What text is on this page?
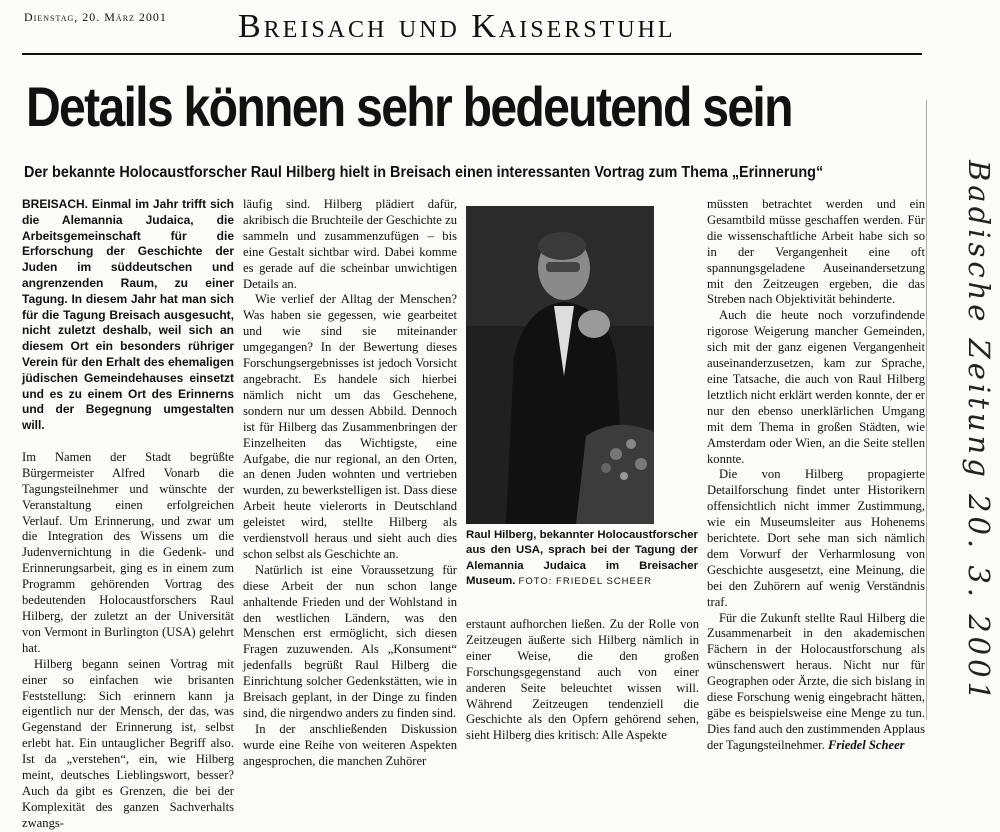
Dienstag, 20. März 2001 Breisach und Kaiserstuhl
Details können sehr bedeutend sein
Der bekannte Holocaustforscher Raul Hilberg hielt in Breisach einen interessanten Vortrag zum Thema „Erinnerung“

BREISACH. Einmal im Jahr trifft sich die Alemannia Judaica, die Arbeitsgemeinschaft für die Erforschung der Geschichte der Juden im süddeutschen und angrenzenden Raum, zu einer Tagung. In diesem Jahr hat man sich für die Tagung Breisach ausgesucht, nicht zuletzt deshalb, weil sich an diesem Ort ein besonders rühriger Verein für den Erhalt des ehemaligen jüdischen Gemeindehauses einsetzt und es zu einem Ort des Erinnerns und der Begegnung umgestalten will.

Im Namen der Stadt begrüßte Bürgermeister Alfred Vonarb die Tagungsteilnehmer und wünschte der Veranstaltung einen erfolgreichen Verlauf. Um Erinnerung, und zwar um die Integration des Wissens um die Judenvernichtung in die Gedenk- und Erinnerungsarbeit, ging es in einem zum Programm gehörenden Vortrag des bedeutenden Holocaustforschers Raul Hilberg, der zuletzt an der Universität von Vermont in Burlington (USA) gelehrt hat.

Hilberg begann seinen Vortrag mit einer so einfachen wie brisanten Feststellung: Sich erinnern kann ja eigentlich nur der Mensch, der das, was Gegenstand der Erinnerung ist, selbst erlebt hat. Ein untauglicher Begriff also. Ist da „verstehen“, ein, wie Hilberg meint, deutsches Lieblingswort, besser? Auch da gibt es Grenzen, die bei der Komplexität des ganzen Sachverhalts zwangs-

läufig sind. Hilberg plädiert dafür, akribisch die Bruchteile der Geschichte zu sammeln und zusammenzufügen – bis eine Gestalt sichtbar wird. Dabei komme es gerade auf die scheinbar unwichtigen Details an.

Wie verlief der Alltag der Menschen? Was haben sie gegessen, wie gearbeitet und wie sind sie miteinander umgegangen? In der Bewertung dieses Forschungsergebnisses ist jedoch Vorsicht angebracht. Es handele sich hierbei nämlich nicht um das Geschehene, sondern nur um dessen Abbild. Dennoch ist für Hilberg das Zusammenbringen der Einzelheiten das Wichtigste, eine Aufgabe, die nur regional, an den Orten, an denen Juden wohnten und vertrieben wurden, zu bewerkstelligen ist. Dass diese Arbeit heute vielerorts in Deutschland geleistet wird, stellte Hilberg als verdienstvoll heraus und sieht auch dies schon selbst als Geschichte an.

Natürlich ist eine Voraussetzung für diese Arbeit der nun schon lange anhaltende Frieden und der Wohlstand in den westlichen Ländern, was den Menschen erst ermöglicht, sich diesen Fragen zuzuwenden. Als „Konsument“ jedenfalls begrüßt Raul Hilberg die Einrichtung solcher Gedenkstätten, wie in Breisach geplant, in der Dinge zu finden sind, die nirgendwo anders zu finden sind.

In der anschließenden Diskussion wurde eine Reihe von weiteren Aspekten angesprochen, die manchen Zuhörer

Raul Hilberg, bekannter Holocaustforscher aus den USA, sprach bei der Tagung der Alemannia Judaica im Breisacher Museum. FOTO: FRIEDEL SCHEER

erstaunt aufhorchen ließen. Zu der Rolle von Zeitzeugen äußerte sich Hilberg nämlich in einer Weise, die den großen Forschungsgegenstand auch von einer anderen Seite beleuchtet wissen will. Während Zeitzeugen tendenziell die Geschichte als den Opfern gehörend sehen, sieht Hilberg dies kritisch: Alle Aspekte

müssten betrachtet werden und ein Gesamtbild müsse geschaffen werden. Für die wissenschaftliche Arbeit habe sich so in der Vergangenheit eine oft spannungsgeladene Auseinandersetzung mit den Zeitzeugen ergeben, die das Streben nach Objektivität behinderte.

Auch die heute noch vorzufindende rigorose Weigerung mancher Gemeinden, sich mit der ganz eigenen Vergangenheit auseinanderzusetzen, kam zur Sprache, eine Tatsache, die auch von Raul Hilberg letztlich nicht erklärt werden konnte, der er nur den ebenso unerklärlichen Umgang mit dem Thema in großen Städten, wie Amsterdam oder Wien, an die Seite stellen konnte.

Die von Hilberg propagierte Detailforschung findet unter Historikern offensichtlich nicht immer Zustimmung, wie ein Museumsleiter aus Hohenems berichtete. Dort sehe man sich nämlich dem Vorwurf der Verharmlosung von Geschichte ausgesetzt, eine Meinung, die bei den Zuhörern auf wenig Verständnis traf.

Für die Zukunft stellte Raul Hilberg die Zusammenarbeit in den akademischen Fächern in der Holocaustforschung als wünschenswert heraus. Nicht nur für Geographen oder Ärzte, die sich bislang in diese Forschung wenig eingebracht hätten, gäbe es beispielsweise eine Menge zu tun. Dies fand auch den zustimmenden Applaus der Tagungsteilnehmer. Friedel Scheer

Badische Zeitung 20. 3. 2001
